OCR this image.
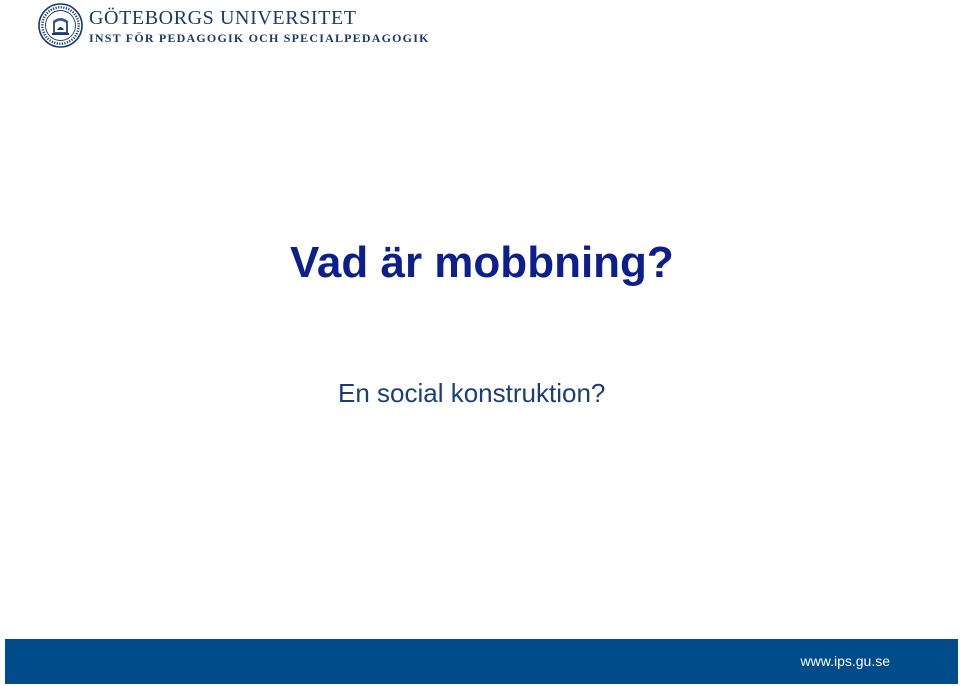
GÖTEBORGS UNIVERSITET
INST FÖR PEDAGOGIK OCH SPECIALPEDAGOGIK
Vad är mobbning?

En social konstruktion?

www.ips.gu.se
